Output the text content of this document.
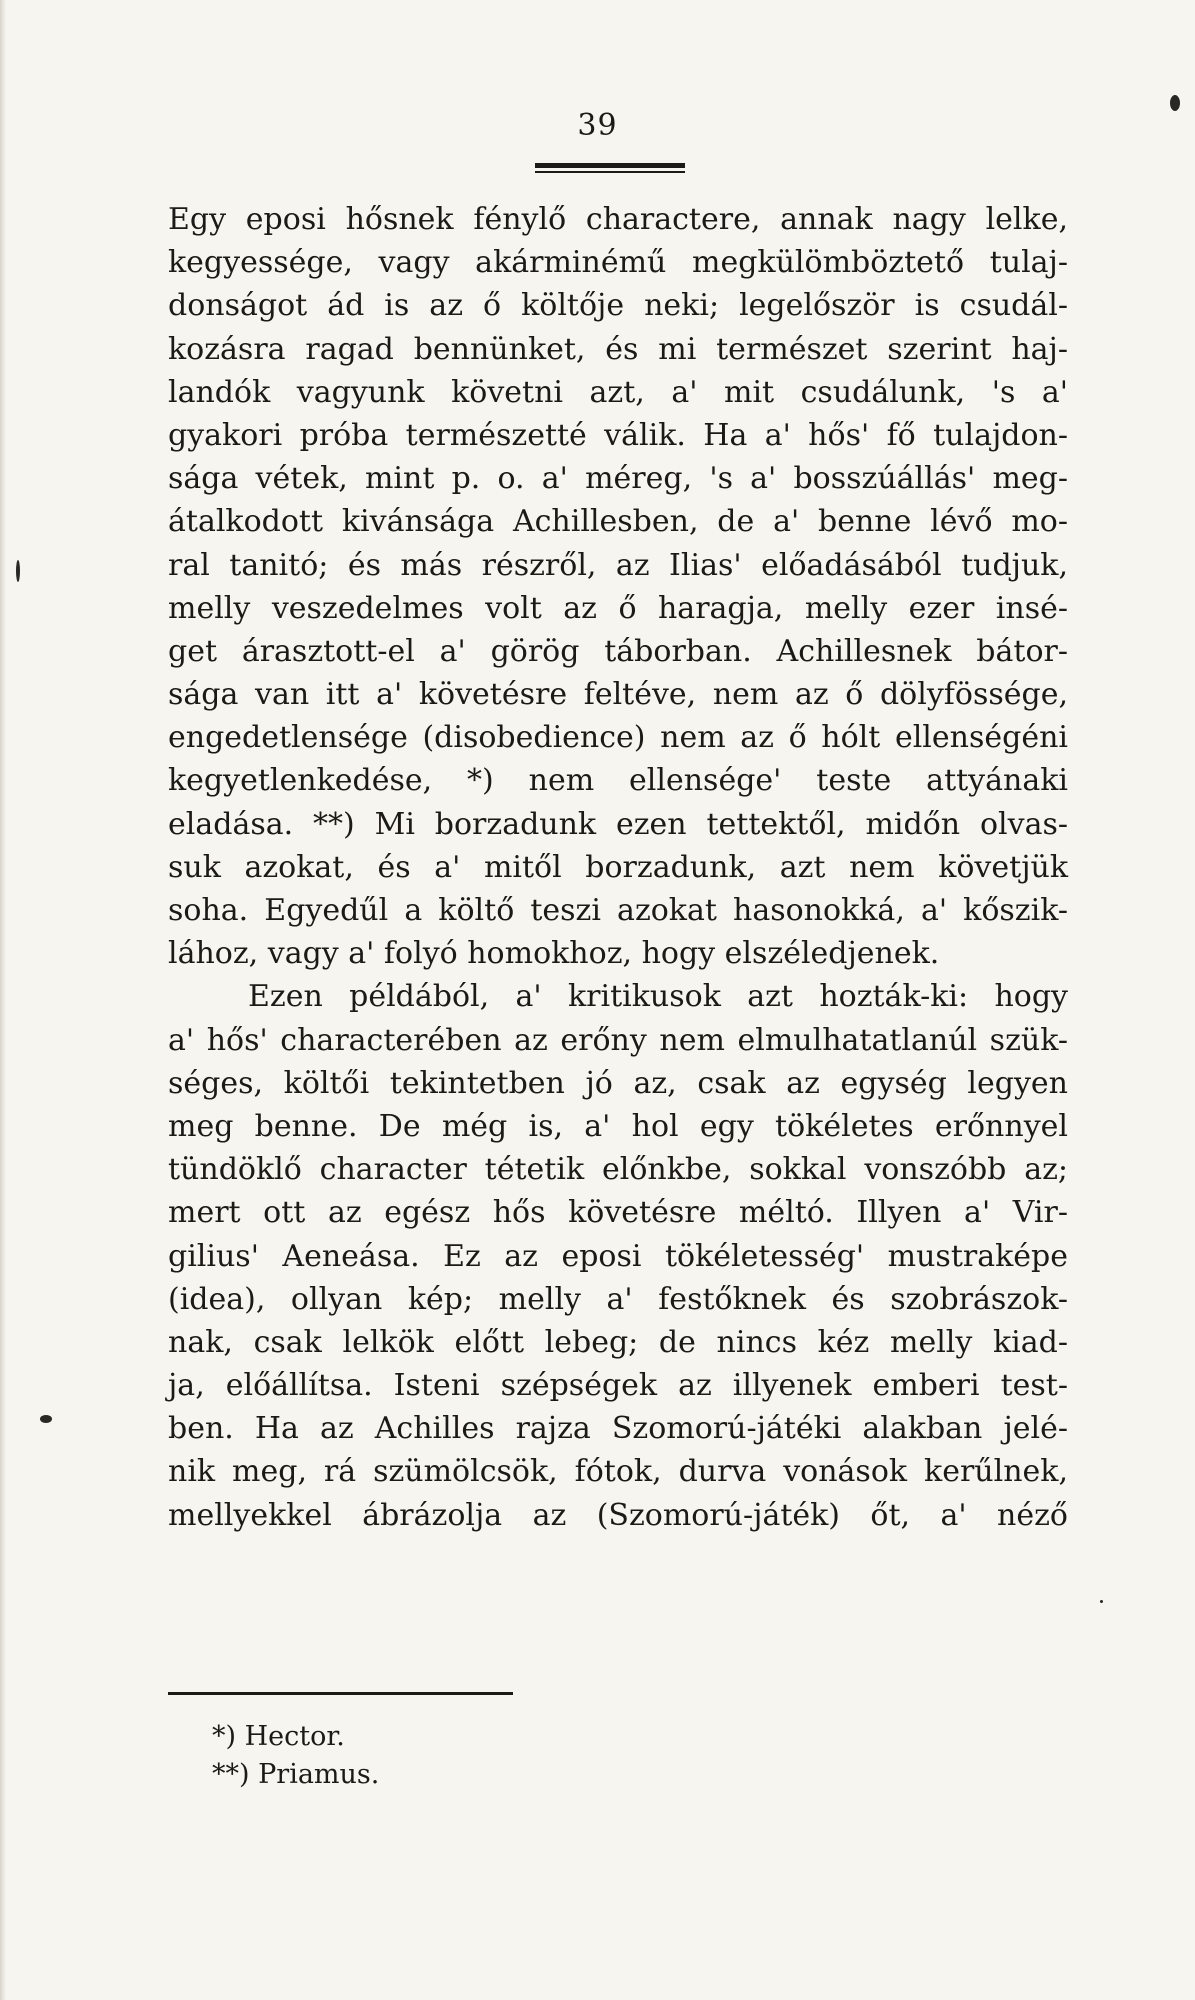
39
Egy eposi hősnek fénylő charactere, annak nagy lelke,
kegyessége, vagy akárminémű megkülömböztető tulaj-
donságot ád is az ő költője neki; legelőször is csudál-
kozásra ragad bennünket, és mi természet szerint haj-
landók vagyunk követni azt, a' mit csudálunk, 's a'
gyakori próba természetté válik. Ha a' hős' fő tulajdon-
sága vétek, mint p. o. a' méreg, 's a' bosszúállás' meg-
átalkodott kivánsága Achillesben, de a' benne lévő mo-
ral tanitó; és más részről, az Ilias' előadásából tudjuk,
melly veszedelmes volt az ő haragja, melly ezer insé-
get árasztott-el a' görög táborban. Achillesnek bátor-
sága van itt a' követésre feltéve, nem az ő dölyfössége,
engedetlensége (disobedience) nem az ő hólt ellenségéni
kegyetlenkedése, *) nem ellensége' teste attyánaki
eladása. **) Mi borzadunk ezen tettektől, midőn olvas-
suk azokat, és a' mitől borzadunk, azt nem követjük
soha. Egyedűl a költő teszi azokat hasonokká, a' kőszik-
lához, vagy a' folyó homokhoz, hogy elszéledjenek.
Ezen példából, a' kritikusok azt hozták-ki: hogy
a' hős' characterében az erőny nem elmulhatatlanúl szük-
séges, költői tekintetben jó az, csak az egység legyen
meg benne. De még is, a' hol egy tökéletes erőnnyel
tündöklő character tétetik előnkbe, sokkal vonszóbb az;
mert ott az egész hős követésre méltó. Illyen a' Vir-
gilius' Aeneása. Ez az eposi tökéletesség' mustraképe
(idea), ollyan kép; melly a' festőknek és szobrászok-
nak, csak lelkök előtt lebeg; de nincs kéz melly kiad-
ja, előállítsa. Isteni szépségek az illyenek emberi test-
ben. Ha az Achilles rajza Szomorú-játéki alakban jelé-
nik meg, rá szümölcsök, fótok, durva vonások kerűlnek,
mellyekkel ábrázolja az (Szomorú-játék) őt, a' néző
*) Hector.
**) Priamus.
